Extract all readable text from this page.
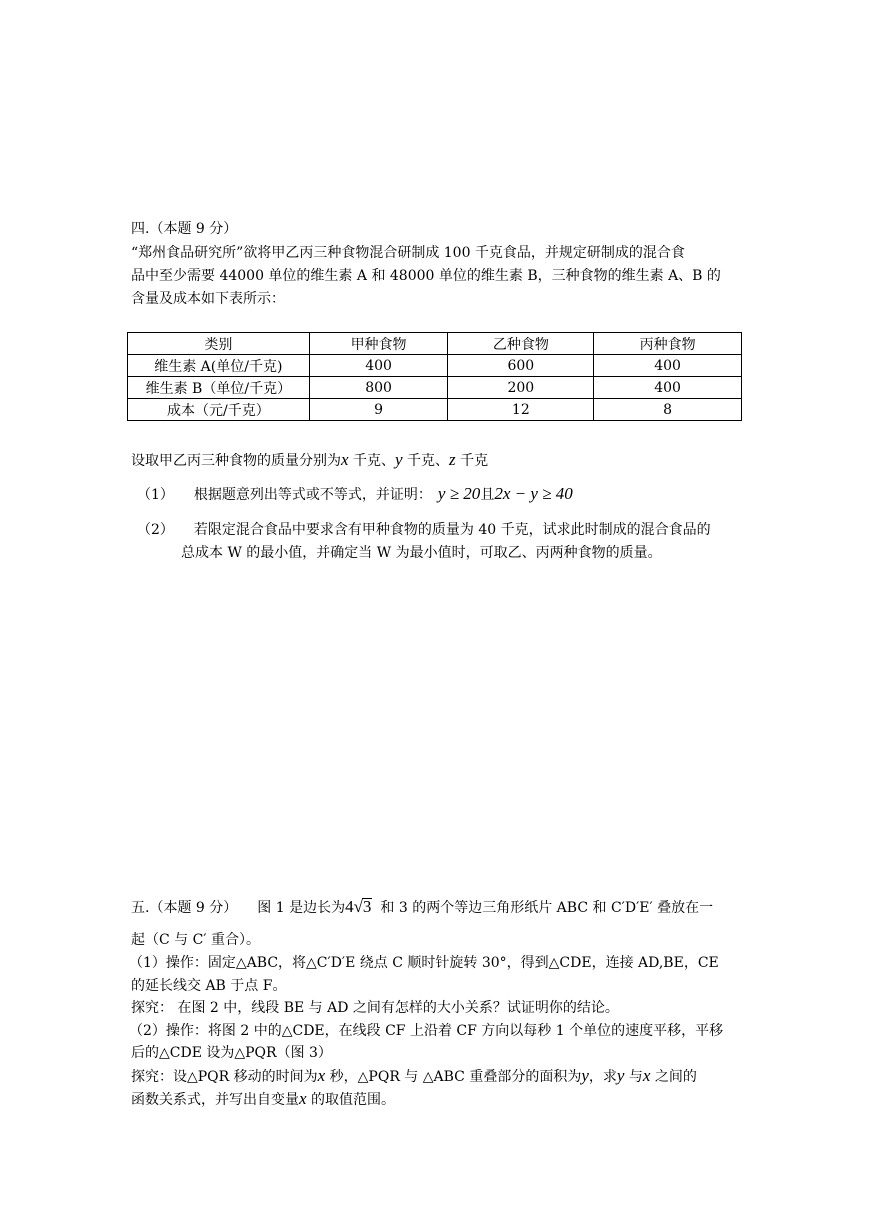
四.（本题 9 分）
“郑州食品研究所”欲将甲乙丙三种食物混合研制成 100 千克食品，并规定研制成的混合食
品中至少需要 44000 单位的维生素 A 和 48000 单位的维生素 B，三种食物的维生素 A、B 的
含量及成本如下表所示：
类别	甲种食物	乙种食物	丙种食物
维生素 A(单位/千克)	400	600	400
维生素 B（单位/千克）	800	200	400
成本（元/千克）	9	12	8
设取甲乙丙三种食物的质量分别为x 千克、y 千克、z 千克
（1） 根据题意列出等式或不等式，并证明： y ≥ 20且2x − y ≥ 40
（2） 若限定混合食品中要求含有甲种食物的质量为 40 千克，试求此时制成的混合食品的
总成本 W 的最小值，并确定当 W 为最小值时，可取乙、丙两种食物的质量。
五.（本题 9 分） 图 1 是边长为4√3 和 3 的两个等边三角形纸片 ABC 和 C′D′E′ 叠放在一
起（C 与 C′ 重合）。
（1）操作：固定△ABC，将△C′D′E 绕点 C 顺时针旋转 30°，得到△CDE，连接 AD,BE，CE
的延长线交 AB 于点 F。
探究： 在图 2 中，线段 BE 与 AD 之间有怎样的大小关系？试证明你的结论。
（2）操作：将图 2 中的△CDE，在线段 CF 上沿着 CF 方向以每秒 1 个单位的速度平移，平移
后的△CDE 设为△PQR（图 3）
探究：设△PQR 移动的时间为x 秒，△PQR 与 △ABC 重叠部分的面积为y，求y 与x 之间的
函数关系式，并写出自变量x 的取值范围。
